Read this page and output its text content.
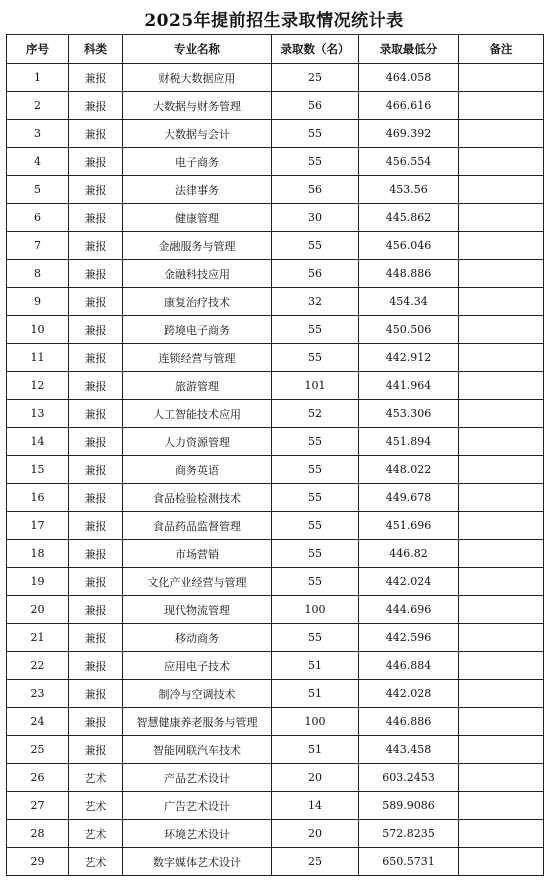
2025年提前招生录取情况统计表
序号	科类	专业名称	录取数（名）	录取最低分	备注
1	兼报	财税大数据应用	25	464.058	
2	兼报	大数据与财务管理	56	466.616	
3	兼报	大数据与会计	55	469.392	
4	兼报	电子商务	55	456.554	
5	兼报	法律事务	56	453.56	
6	兼报	健康管理	30	445.862	
7	兼报	金融服务与管理	55	456.046	
8	兼报	金融科技应用	56	448.886	
9	兼报	康复治疗技术	32	454.34	
10	兼报	跨境电子商务	55	450.506	
11	兼报	连锁经营与管理	55	442.912	
12	兼报	旅游管理	101	441.964	
13	兼报	人工智能技术应用	52	453.306	
14	兼报	人力资源管理	55	451.894	
15	兼报	商务英语	55	448.022	
16	兼报	食品检验检测技术	55	449.678	
17	兼报	食品药品监督管理	55	451.696	
18	兼报	市场营销	55	446.82	
19	兼报	文化产业经营与管理	55	442.024	
20	兼报	现代物流管理	100	444.696	
21	兼报	移动商务	55	442.596	
22	兼报	应用电子技术	51	446.884	
23	兼报	制冷与空调技术	51	442.028	
24	兼报	智慧健康养老服务与管理	100	446.886	
25	兼报	智能网联汽车技术	51	443.458	
26	艺术	产品艺术设计	20	603.2453	
27	艺术	广告艺术设计	14	589.9086	
28	艺术	环境艺术设计	20	572.8235	
29	艺术	数字媒体艺术设计	25	650.5731	
